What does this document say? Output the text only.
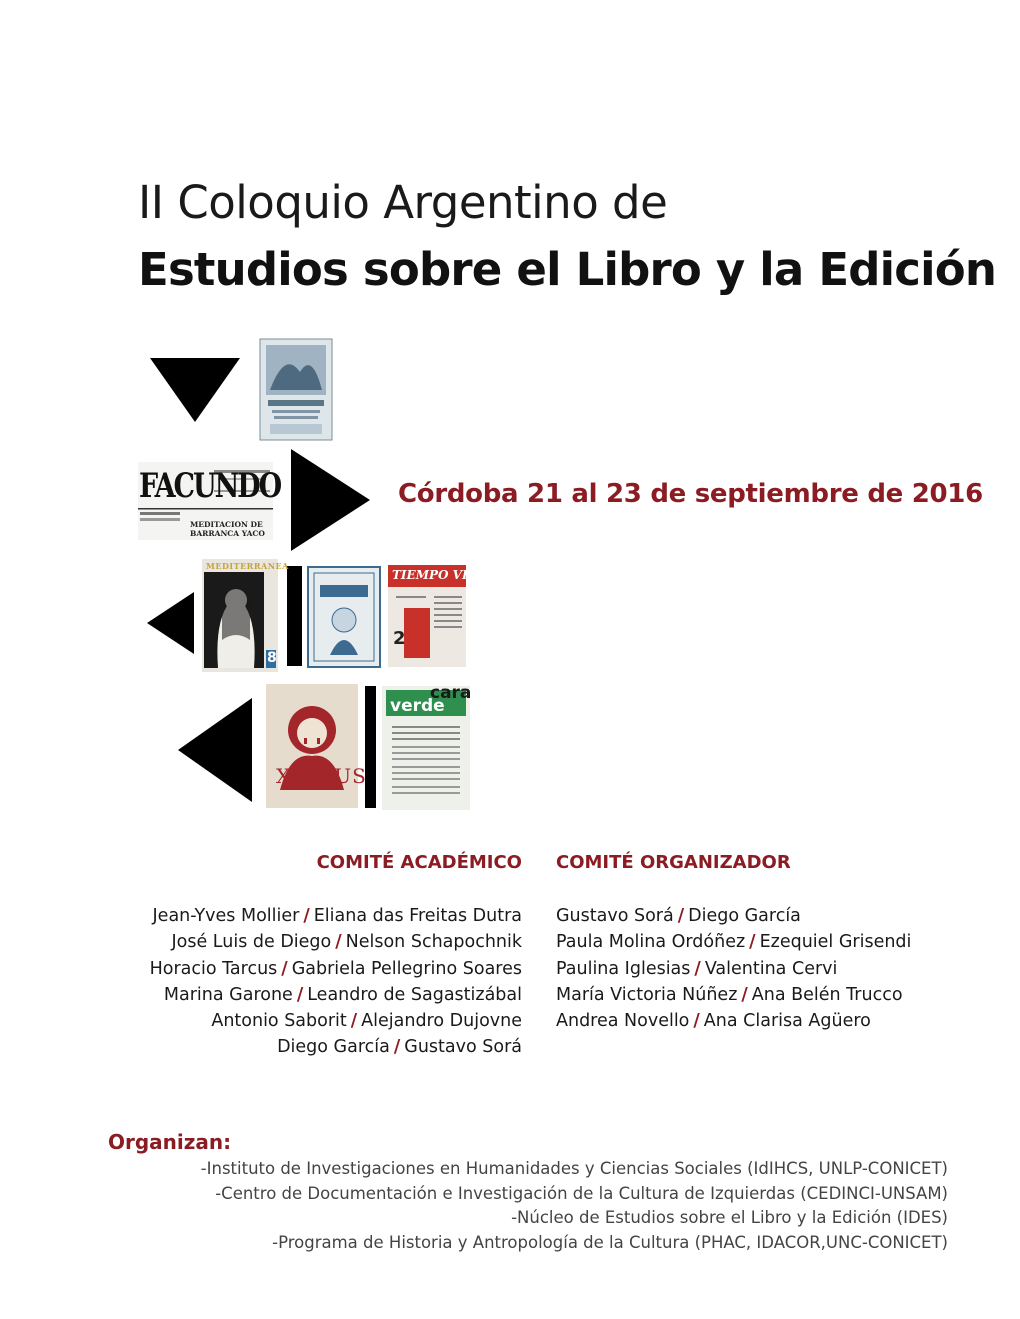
II Coloquio Argentino de
Estudios sobre el Libro y la Edición
FACUNDO
MEDITACION DE BARRANCA YACO
MEDITERRANEA
8
TIEMPO VIVO
2
cara
verde
XENIUS
Córdoba 21 al 23 de septiembre de 2016
COMITÉ ACADÉMICO COMITÉ ORGANIZADOR
Jean-Yves Mollier / Eliana das Freitas Dutra
José Luis de Diego / Nelson Schapochnik
Horacio Tarcus / Gabriela Pellegrino Soares
Marina Garone / Leandro de Sagastizábal
Antonio Saborit / Alejandro Dujovne
Diego García / Gustavo Sorá
Gustavo Sorá / Diego García
Paula Molina Ordóñez / Ezequiel Grisendi
Paulina Iglesias / Valentina Cervi
María Victoria Núñez / Ana Belén Trucco
Andrea Novello / Ana Clarisa Agüero
Organizan:
-Instituto de Investigaciones en Humanidades y Ciencias Sociales (IdIHCS, UNLP-CONICET)
-Centro de Documentación e Investigación de la Cultura de Izquierdas (CEDINCI-UNSAM)
-Núcleo de Estudios sobre el Libro y la Edición (IDES)
-Programa de Historia y Antropología de la Cultura (PHAC, IDACOR,UNC-CONICET)
